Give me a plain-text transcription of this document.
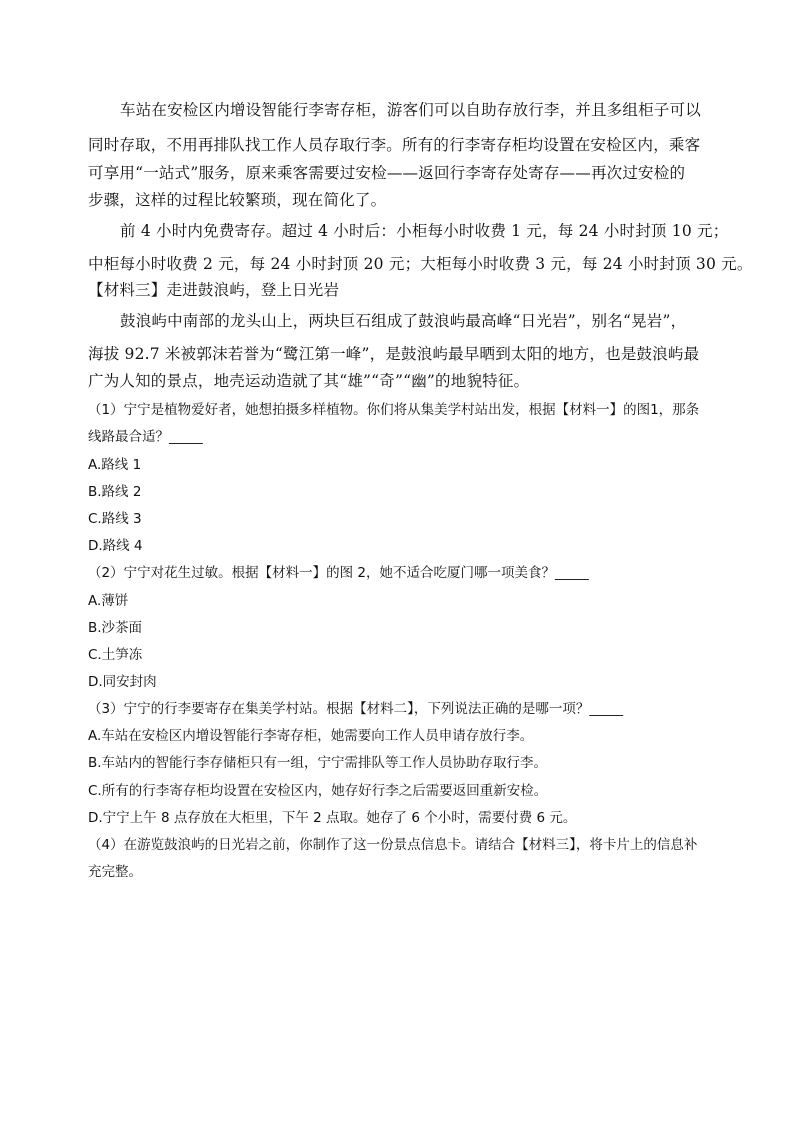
车站在安检区内增设智能行李寄存柜，游客们可以自助存放行李，并且多组柜子可以
同时存取，不用再排队找工作人员存取行李。所有的行李寄存柜均设置在安检区内，乘客
可享用“一站式”服务，原来乘客需要过安检——返回行李寄存处寄存——再次过安检的
步骤，这样的过程比较繁琐，现在简化了。
前 4 小时内免费寄存。超过 4 小时后：小柜每小时收费 1 元，每 24 小时封顶 10 元；
中柜每小时收费 2 元，每 24 小时封顶 20 元；大柜每小时收费 3 元，每 24 小时封顶 30 元。
【材料三】走进鼓浪屿，登上日光岩
鼓浪屿中南部的龙头山上，两块巨石组成了鼓浪屿最高峰“日光岩”，别名“晃岩”，
海拔 92.7 米被郭沫若誉为“鹭江第一峰”，是鼓浪屿最早晒到太阳的地方，也是鼓浪屿最
广为人知的景点，地壳运动造就了其“雄”“奇”“幽”的地貌特征。
（1）宁宁是植物爱好者，她想拍摄多样植物。你们将从集美学村站出发，根据【材料一】的图1，那条
线路最合适？_____
A.路线 1
B.路线 2
C.路线 3
D.路线 4
（2）宁宁对花生过敏。根据【材料一】的图 2，她不适合吃厦门哪一项美食？_____
A.薄饼
B.沙茶面
C.土笋冻
D.同安封肉
（3）宁宁的行李要寄存在集美学村站。根据【材料二】，下列说法正确的是哪一项？_____
A.车站在安检区内增设智能行李寄存柜，她需要向工作人员申请存放行李。
B.车站内的智能行李存储柜只有一组，宁宁需排队等工作人员协助存取行李。
C.所有的行李寄存柜均设置在安检区内，她存好行李之后需要返回重新安检。
D.宁宁上午 8 点存放在大柜里，下午 2 点取。她存了 6 个小时，需要付费 6 元。
（4）在游览鼓浪屿的日光岩之前，你制作了这一份景点信息卡。请结合【材料三】，将卡片上的信息补
充完整。
